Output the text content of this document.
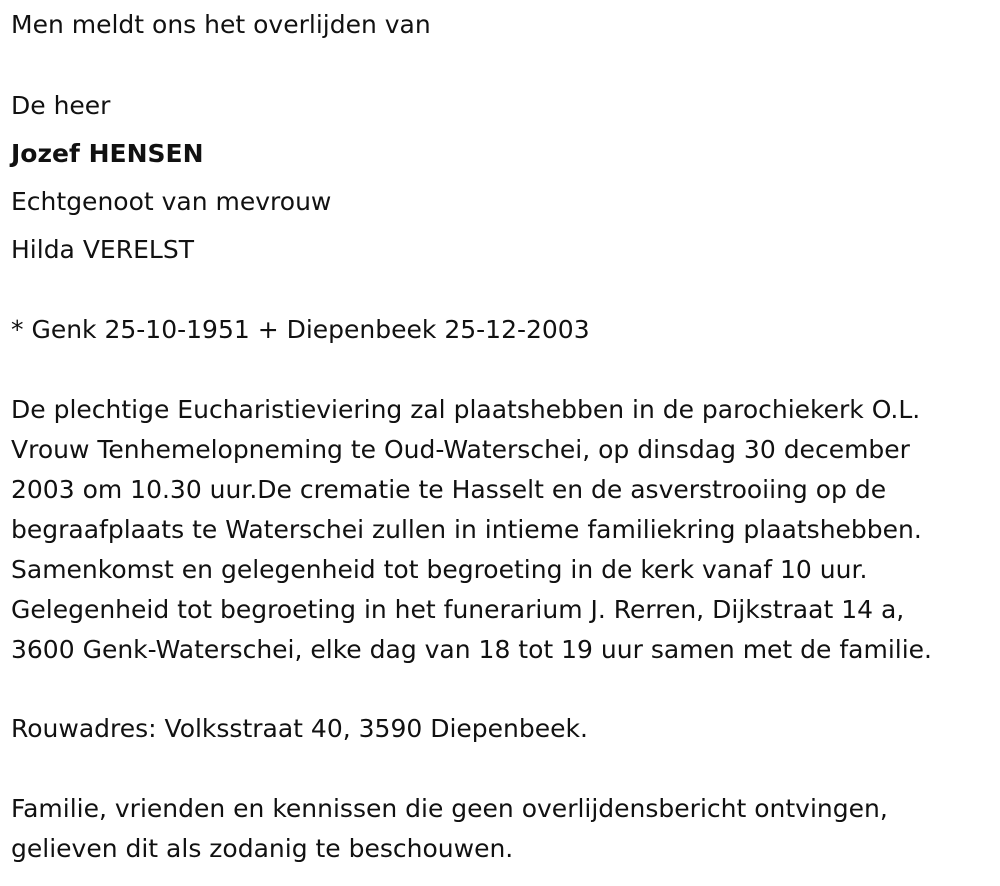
Men meldt ons het overlijden van
De heer
Jozef HENSEN
Echtgenoot van mevrouw
Hilda VERELST
* Genk 25-10-1951 + Diepenbeek 25-12-2003
De plechtige Eucharistieviering zal plaatshebben in de parochiekerk O.L.
Vrouw Tenhemelopneming te Oud-Waterschei, op dinsdag 30 december
2003 om 10.30 uur.De crematie te Hasselt en de asverstrooiing op de
begraafplaats te Waterschei zullen in intieme familiekring plaatshebben.
Samenkomst en gelegenheid tot begroeting in de kerk vanaf 10 uur.
Gelegenheid tot begroeting in het funerarium J. Rerren, Dijkstraat 14 a,
3600 Genk-Waterschei, elke dag van 18 tot 19 uur samen met de familie.
Rouwadres: Volksstraat 40, 3590 Diepenbeek.
Familie, vrienden en kennissen die geen overlijdensbericht ontvingen,
gelieven dit als zodanig te beschouwen.
